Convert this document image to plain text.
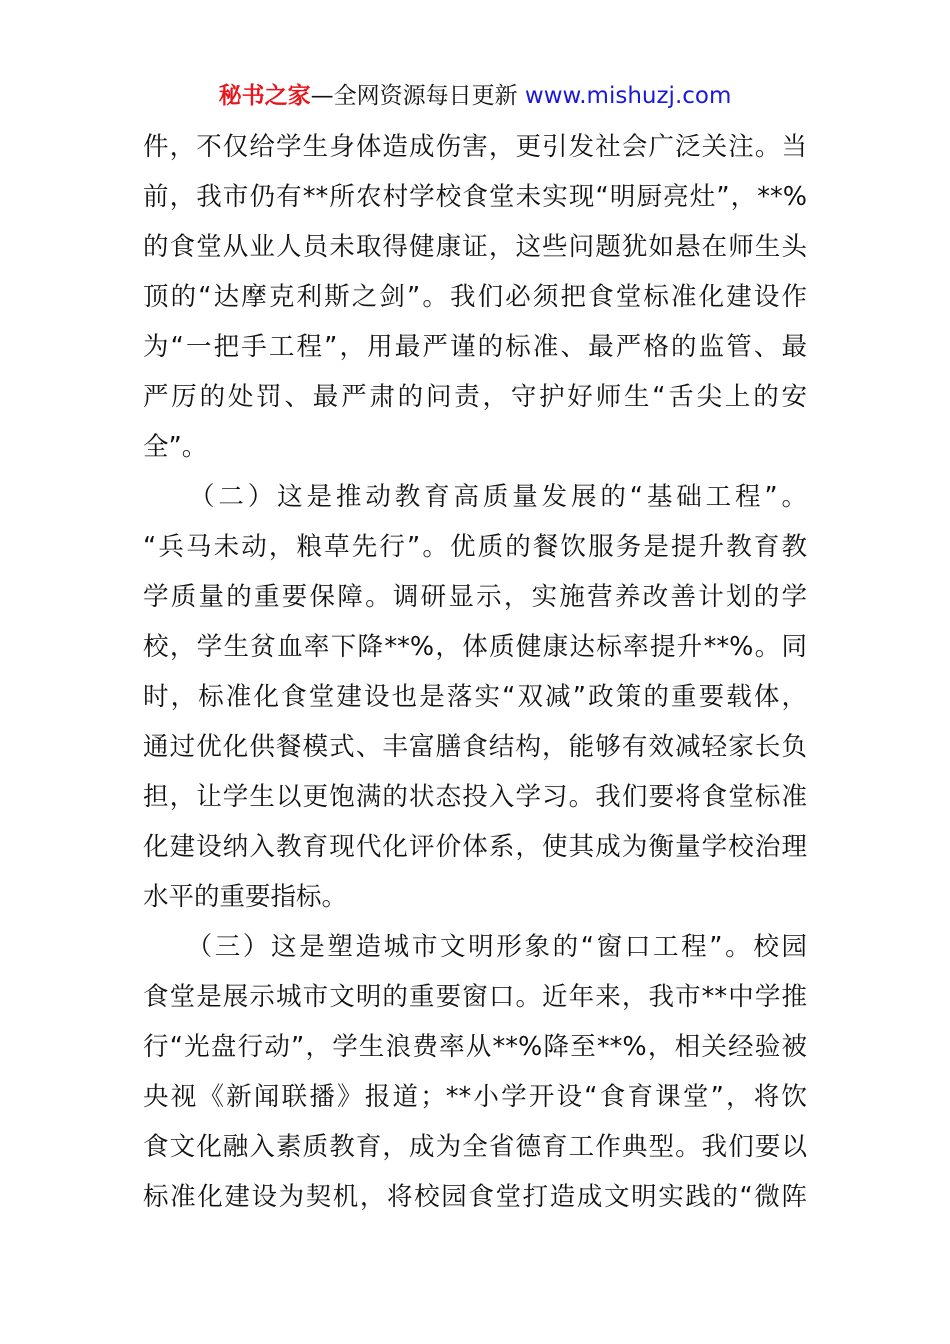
秘书之家—全网资源每日更新 www.mishuzj.com
件，不仅给学生身体造成伤害，更引发社会广泛关注。当
前，我市仍有**所农村学校食堂未实现“明厨亮灶”，**%
的食堂从业人员未取得健康证，这些问题犹如悬在师生头
顶的“达摩克利斯之剑”。我们必须把食堂标准化建设作
为“一把手工程”，用最严谨的标准、最严格的监管、最
严厉的处罚、最严肃的问责，守护好师生“舌尖上的安
全”。
　　（二）这是推动教育高质量发展的“基础工程”。
“兵马未动，粮草先行”。优质的餐饮服务是提升教育教
学质量的重要保障。调研显示，实施营养改善计划的学
校，学生贫血率下降**%，体质健康达标率提升**%。同
时，标准化食堂建设也是落实“双减”政策的重要载体，
通过优化供餐模式、丰富膳食结构，能够有效减轻家长负
担，让学生以更饱满的状态投入学习。我们要将食堂标准
化建设纳入教育现代化评价体系，使其成为衡量学校治理
水平的重要指标。
　　（三）这是塑造城市文明形象的“窗口工程”。校园
食堂是展示城市文明的重要窗口。近年来，我市**中学推
行“光盘行动”，学生浪费率从**%降至**%，相关经验被
央视《新闻联播》报道；**小学开设“食育课堂”，将饮
食文化融入素质教育，成为全省德育工作典型。我们要以
标准化建设为契机，将校园食堂打造成文明实践的“微阵
